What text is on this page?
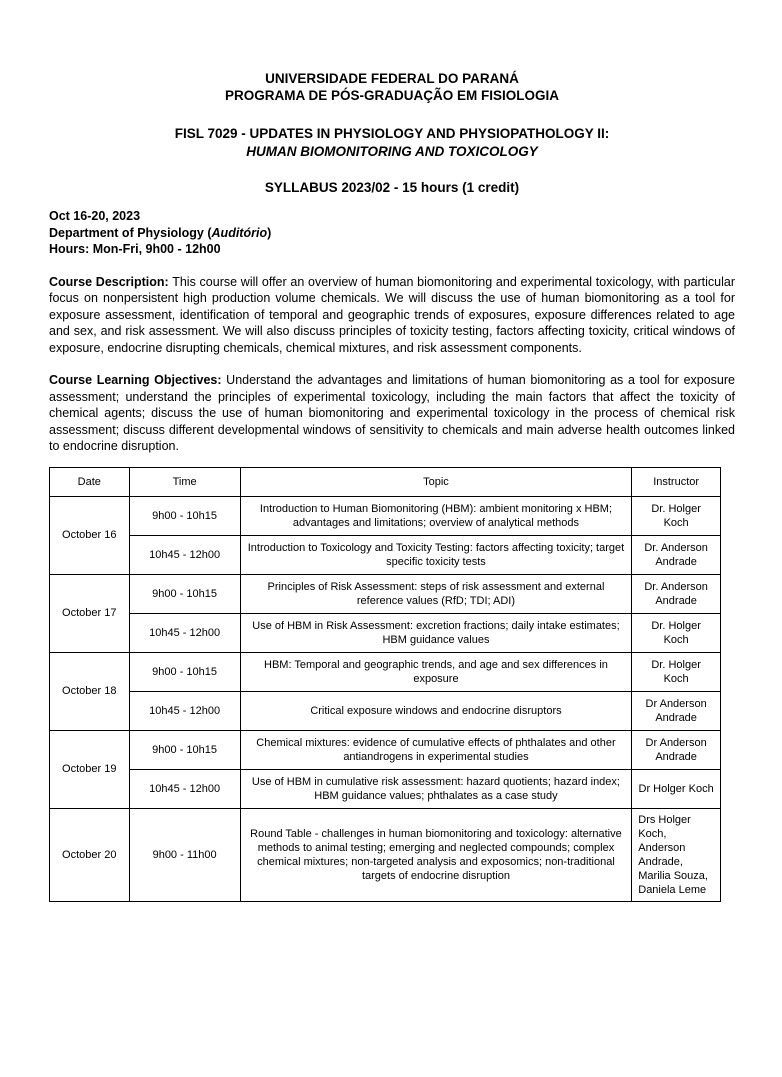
UNIVERSIDADE FEDERAL DO PARANÁ
PROGRAMA DE PÓS-GRADUAÇÃO EM FISIOLOGIA
FISL 7029 - UPDATES IN PHYSIOLOGY AND PHYSIOPATHOLOGY II:
HUMAN BIOMONITORING AND TOXICOLOGY
SYLLABUS 2023/02 - 15 hours (1 credit)
Oct 16-20, 2023
Department of Physiology (Auditório)
Hours: Mon-Fri, 9h00 - 12h00
Course Description: This course will offer an overview of human biomonitoring and experimental toxicology, with particular focus on nonpersistent high production volume chemicals. We will discuss the use of human biomonitoring as a tool for exposure assessment, identification of temporal and geographic trends of exposures, exposure differences related to age and sex, and risk assessment. We will also discuss principles of toxicity testing, factors affecting toxicity, critical windows of exposure, endocrine disrupting chemicals, chemical mixtures, and risk assessment components.
Course Learning Objectives: Understand the advantages and limitations of human biomonitoring as a tool for exposure assessment; understand the principles of experimental toxicology, including the main factors that affect the toxicity of chemical agents; discuss the use of human biomonitoring and experimental toxicology in the process of chemical risk assessment; discuss different developmental windows of sensitivity to chemicals and main adverse health outcomes linked to endocrine disruption.
Date	Time	Topic	Instructor
October 16	9h00 - 10h15	Introduction to Human Biomonitoring (HBM): ambient monitoring x HBM; advantages and limitations; overview of analytical methods	Dr. Holger Koch
	10h45 - 12h00	Introduction to Toxicology and Toxicity Testing: factors affecting toxicity; target specific toxicity tests	Dr. Anderson Andrade
October 17	9h00 - 10h15	Principles of Risk Assessment: steps of risk assessment and external reference values (RfD; TDI; ADI)	Dr. Anderson Andrade
	10h45 - 12h00	Use of HBM in Risk Assessment: excretion fractions; daily intake estimates; HBM guidance values	Dr. Holger Koch
October 18	9h00 - 10h15	HBM: Temporal and geographic trends, and age and sex differences in exposure	Dr. Holger Koch
	10h45 - 12h00	Critical exposure windows and endocrine disruptors	Dr Anderson Andrade
October 19	9h00 - 10h15	Chemical mixtures: evidence of cumulative effects of phthalates and other antiandrogens in experimental studies	Dr Anderson Andrade
	10h45 - 12h00	Use of HBM in cumulative risk assessment: hazard quotients; hazard index; HBM guidance values; phthalates as a case study	Dr Holger Koch
October 20	9h00 - 11h00	Round Table - challenges in human biomonitoring and toxicology: alternative methods to animal testing; emerging and neglected compounds; complex chemical mixtures; non-targeted analysis and exposomics; non-traditional targets of endocrine disruption	Drs Holger Koch, Anderson Andrade, Marilia Souza, Daniela Leme
